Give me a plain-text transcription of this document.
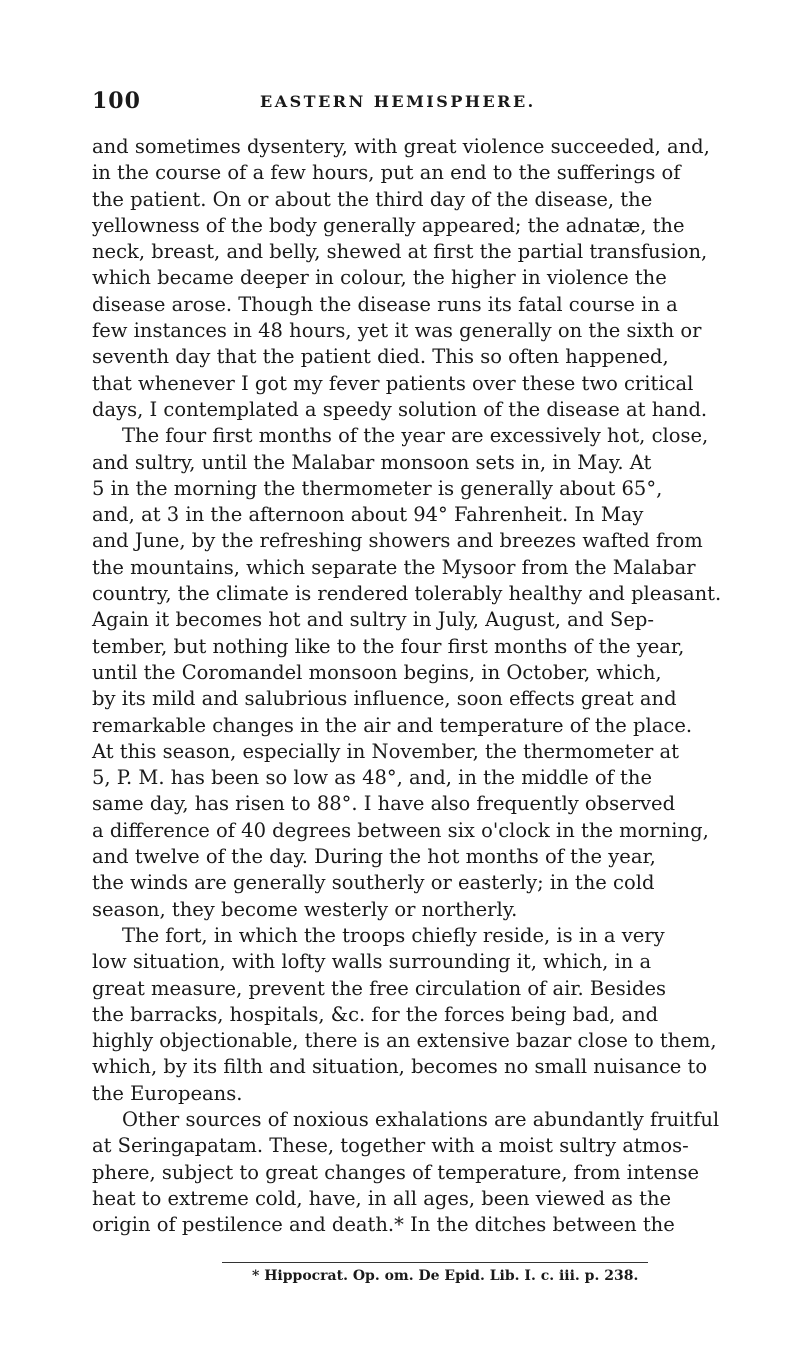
100	EASTERN HEMISPHERE.
and sometimes dysentery, with great violence succeeded, and,
in the course of a few hours, put an end to the sufferings of
the patient. On or about the third day of the disease, the
yellowness of the body generally appeared; the adnatæ, the
neck, breast, and belly, shewed at first the partial transfusion,
which became deeper in colour, the higher in violence the
disease arose. Though the disease runs its fatal course in a
few instances in 48 hours, yet it was generally on the sixth or
seventh day that the patient died. This so often happened,
that whenever I got my fever patients over these two critical
days, I contemplated a speedy solution of the disease at hand.
The four first months of the year are excessively hot, close,
and sultry, until the Malabar monsoon sets in, in May. At
5 in the morning the thermometer is generally about 65°,
and, at 3 in the afternoon about 94° Fahrenheit. In May
and June, by the refreshing showers and breezes wafted from
the mountains, which separate the Mysoor from the Malabar
country, the climate is rendered tolerably healthy and pleasant.
Again it becomes hot and sultry in July, August, and Sep-
tember, but nothing like to the four first months of the year,
until the Coromandel monsoon begins, in October, which,
by its mild and salubrious influence, soon effects great and
remarkable changes in the air and temperature of the place.
At this season, especially in November, the thermometer at
5, P. M. has been so low as 48°, and, in the middle of the
same day, has risen to 88°. I have also frequently observed
a difference of 40 degrees between six o'clock in the morning,
and twelve of the day. During the hot months of the year,
the winds are generally southerly or easterly; in the cold
season, they become westerly or northerly.
The fort, in which the troops chiefly reside, is in a very
low situation, with lofty walls surrounding it, which, in a
great measure, prevent the free circulation of air. Besides
the barracks, hospitals, &c. for the forces being bad, and
highly objectionable, there is an extensive bazar close to them,
which, by its filth and situation, becomes no small nuisance to
the Europeans.
Other sources of noxious exhalations are abundantly fruitful
at Seringapatam. These, together with a moist sultry atmos-
phere, subject to great changes of temperature, from intense
heat to extreme cold, have, in all ages, been viewed as the
origin of pestilence and death.* In the ditches between the
* Hippocrat. Op. om. De Epid. Lib. I. c. iii. p. 238.
